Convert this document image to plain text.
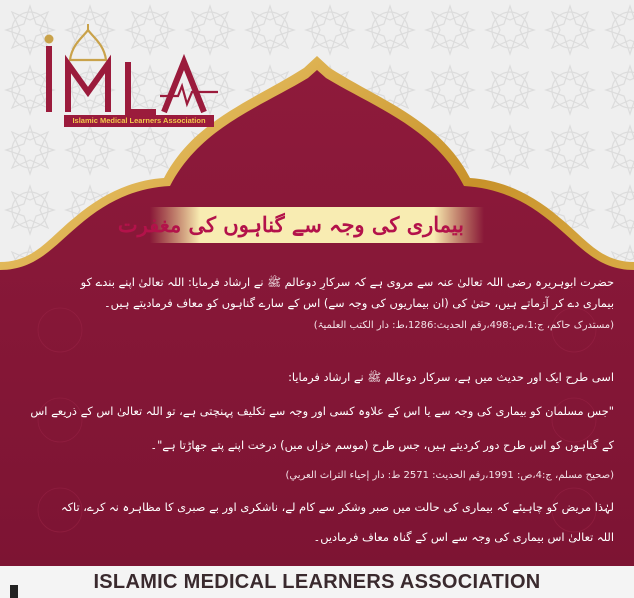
Islamic Medical Learners Association
بیماری کی وجہ سے گناہوں کی مغفرت
حضرت ابوہریرہ رضی اللہ تعالیٰ عنہ سے مروی ہے کہ سرکارِ دوعالم ﷺ نے ارشاد فرمایا: اللہ تعالیٰ اپنے بندے کو
بیماری دے کر آزماتے ہیں، حتیٰ کی (ان بیماریوں کی وجہ سے) اس کے سارے گناہوں کو معاف فرمادیتے ہیں۔
(مستدرک حاکم، ج:1،ص:498،رقم الحدیث:1286،ط: دار الکتب العلمیۃ)
اسی طرح ایک اور حدیث میں ہے، سرکار دوعالم ﷺ نے ارشاد فرمایا:
"جس مسلمان کو بیماری کی وجہ سے یا اس کے علاوہ کسی اور وجہ سے تکلیف پہنچتی ہے، تو اللہ تعالیٰ اس کے ذریعے اس
کے گناہوں کو اس طرح دور کردیتے ہیں، جس طرح (موسم خزاں میں) درخت اپنے پتے جھاڑتا ہے"۔
(صحیح مسلم، ج:4،ص: 1991،رقم الحدیث: 2571 ط: دار إحياء التراث العربي)
لہٰذا مریض کو چاہیئے کہ بیماری کی حالت میں صبر وشکر سے کام لے، ناشکری اور بے صبری کا مظاہرہ نہ کرے، تاکہ
اللہ تعالیٰ اس بیماری کی وجہ سے اس کے گناہ معاف فرمادیں۔
ISLAMIC MEDICAL LEARNERS ASSOCIATION
